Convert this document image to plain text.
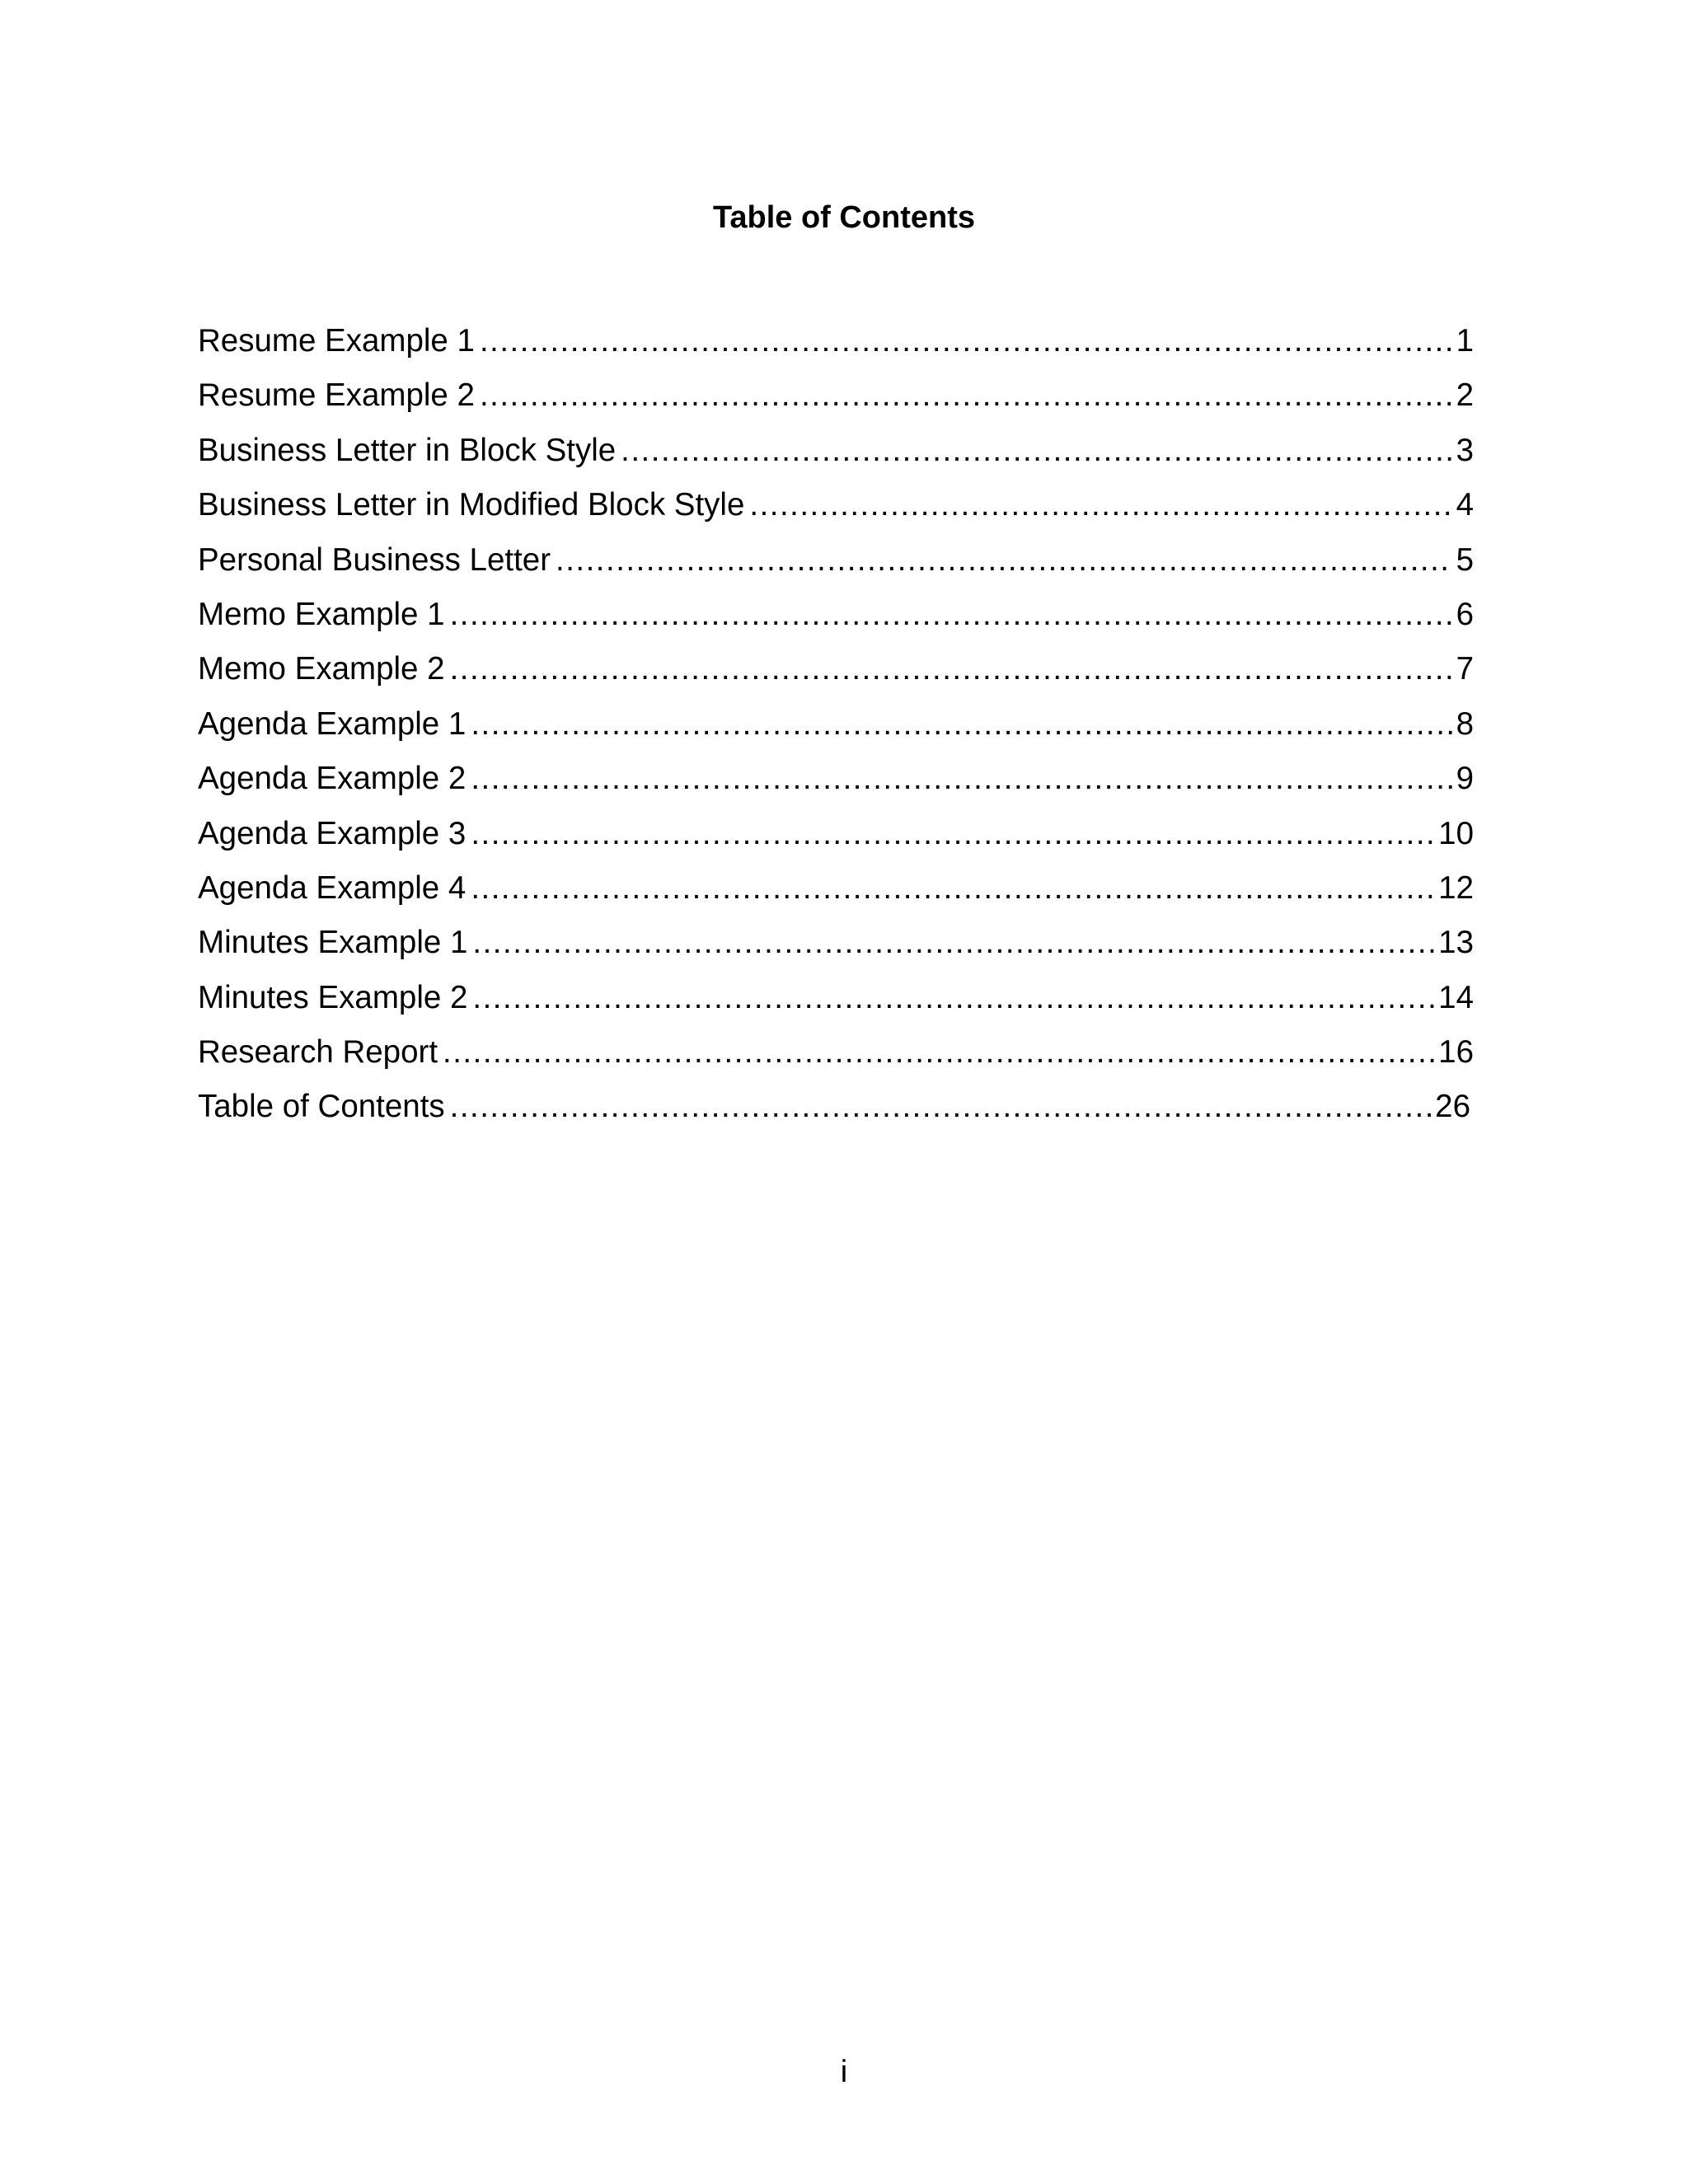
Table of Contents
Resume Example 1 .....	1
Resume Example 2 .....	2
Business Letter in Block Style .....	3
Business Letter in Modified Block Style .....	4
Personal Business Letter .....	5
Memo Example 1 .....	6
Memo Example 2 .....	7
Agenda Example 1 .....	8
Agenda Example 2 .....	9
Agenda Example 3 .....	10
Agenda Example 4 .....	12
Minutes Example 1 .....	13
Minutes Example 2 .....	14
Research Report .....	16
Table of Contents .....	26
i
